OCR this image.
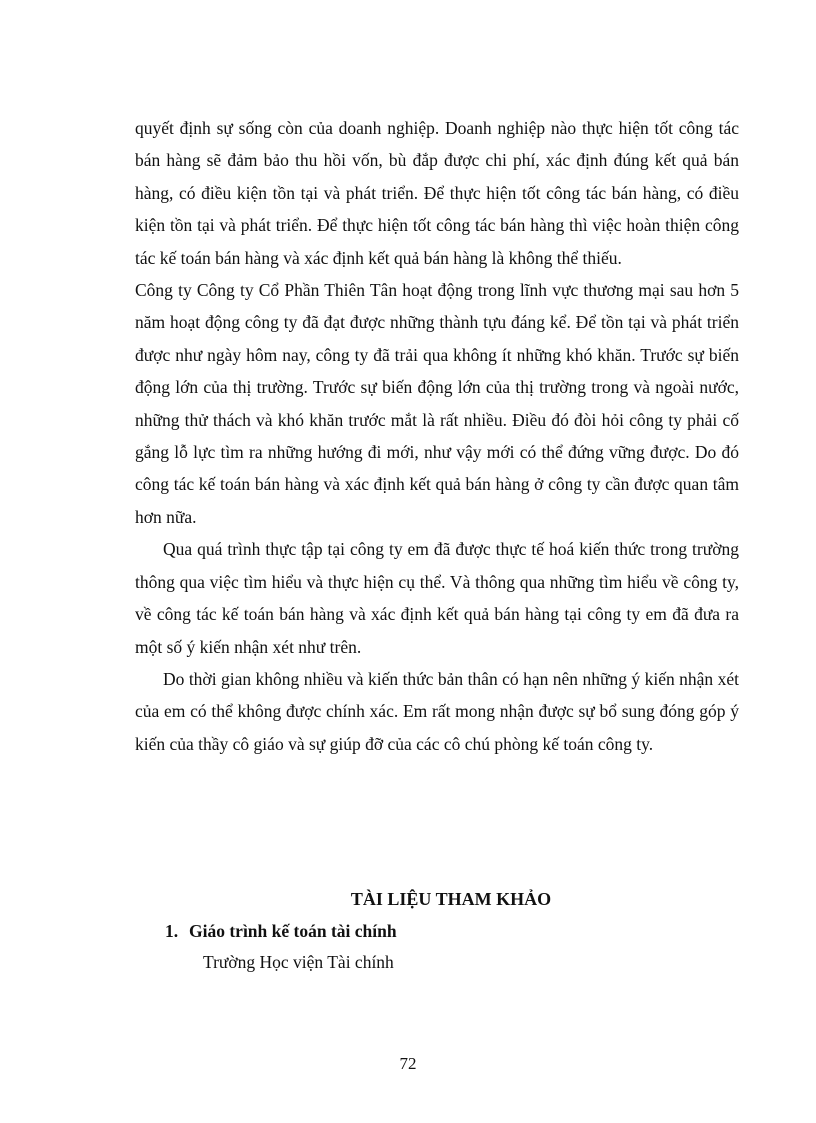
quyết định sự sống còn của doanh nghiệp. Doanh nghiệp nào thực hiện tốt công tác bán hàng sẽ đảm bảo thu hồi vốn, bù đắp được chi phí, xác định đúng kết quả bán hàng, có điều kiện tồn tại và phát triển. Để thực hiện tốt công tác bán hàng, có điều kiện tồn tại và phát triển. Để thực hiện tốt công tác bán hàng thì việc hoàn thiện công tác kế toán bán hàng và xác định kết quả bán hàng là không thể thiếu.

Công ty Công ty Cổ Phần Thiên Tân hoạt động trong lĩnh vực thương mại sau hơn 5 năm hoạt động công ty đã đạt được những thành tựu đáng kể. Để tồn tại và phát triển được như ngày hôm nay, công ty đã trải qua không ít những khó khăn. Trước sự biến động lớn của thị trường. Trước sự biến động lớn của thị trường trong và ngoài nước, những thử thách và khó khăn trước mắt là rất nhiều. Điều đó đòi hỏi công ty phải cố gắng lỗ lực tìm ra những hướng đi mới, như vậy mới có thể đứng vững được. Do đó công tác kế toán bán hàng và xác định kết quả bán hàng ở công ty cần được quan tâm hơn nữa.

Qua quá trình thực tập tại công ty em đã được thực tế hoá kiến thức trong trường thông qua việc tìm hiểu và thực hiện cụ thể. Và thông qua những tìm hiểu về công ty, về công tác kế toán bán hàng và xác định kết quả bán hàng tại công ty em đã đưa ra một số ý kiến nhận xét như trên.

Do thời gian không nhiều và kiến thức bản thân có hạn nên những ý kiến nhận xét của em có thể không được chính xác. Em rất mong nhận được sự bổ sung đóng góp ý kiến của thầy cô giáo và sự giúp đỡ của các cô chú phòng kế toán công ty.

TÀI LIỆU THAM KHẢO
1. Giáo trình kế toán tài chính
Trường Học viện Tài chính
72
